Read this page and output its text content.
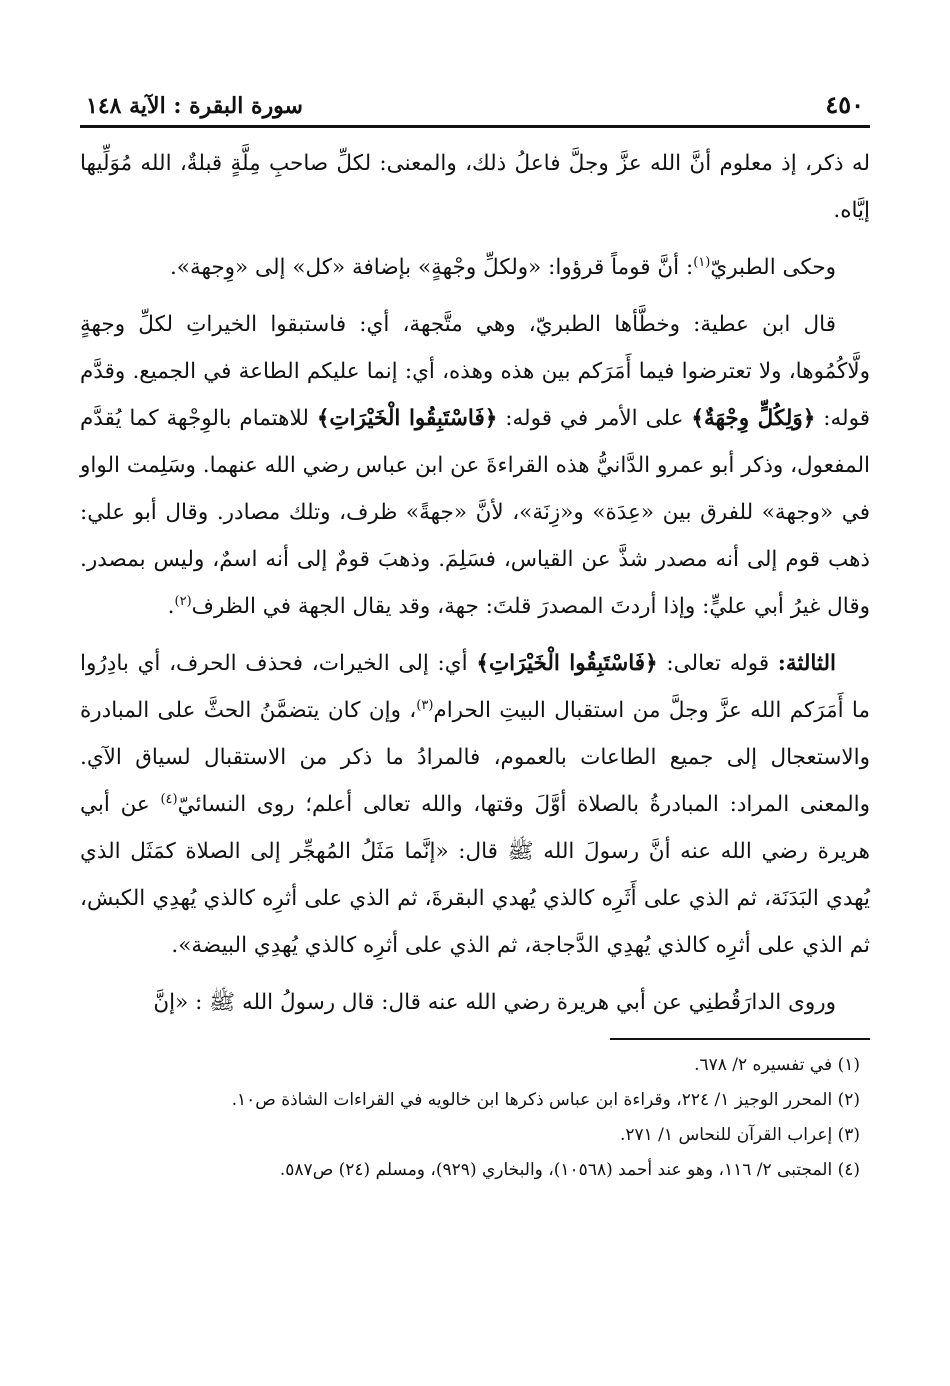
٤٥٠
سورة البقرة : الآية ١٤٨

له ذكر، إذ معلوم أنَّ الله عزَّ وجلَّ فاعلُ ذلك، والمعنى: لكلِّ صاحبِ مِلَّةٍ قبلةٌ، الله مُوَلِّيها إيَّاه.

وحكى الطبريّ$^{(١)}$: أنَّ قوماً قرؤوا: «ولكلِّ وجْهةٍ» بإضافة «كل» إلى «وِجهة».

قال ابن عطية: وخطَّأها الطبريّ، وهي متَّجهة، أي: فاستبقوا الخيراتِ لكلِّ وجهةٍ ولَّاكُمُوها، ولا تعترضوا فيما أَمَرَكم بين هذه وهذه، أي: إنما عليكم الطاعة في الجميع. وقدَّم قوله: ﴿وَلِكُلٍّ وِجْهَةٌ﴾ على الأمر في قوله: ﴿فَاسْتَبِقُوا الْخَيْرَاتِ﴾ للاهتمام بالوِجْهة كما يُقدَّم المفعول، وذكر أبو عمرو الدَّانيُّ هذه القراءةَ عن ابن عباس رضي الله عنهما. وسَلِمت الواو في «وجهة» للفرق بين «عِدَة» و«زِنَة»، لأنَّ «جهةً» ظرف، وتلك مصادر. وقال أبو علي: ذهب قوم إلى أنه مصدر شذَّ عن القياس، فسَلِمَ. وذهبَ قومٌ إلى أنه اسمٌ، وليس بمصدر. وقال غيرُ أبي عليٍّ: وإذا أردتَ المصدرَ قلتَ: جهة، وقد يقال الجهة في الظرف$^{(٢)}$.

الثالثة: قوله تعالى: ﴿فَاسْتَبِقُوا الْخَيْرَاتِ﴾ أي: إلى الخيرات، فحذف الحرف، أي بادِرُوا ما أَمَرَكم الله عزَّ وجلَّ من استقبال البيتِ الحرام$^{(٣)}$، وإن كان يتضمَّنُ الحثَّ على المبادرة والاستعجال إلى جميع الطاعات بالعموم، فالمرادُ ما ذكر من الاستقبال لسياق الآي. والمعنى المراد: المبادرةُ بالصلاة أوَّلَ وقتها، والله تعالى أعلم؛ روى النسائيّ$^{(٤)}$ عن أبي هريرة رضي الله عنه أنَّ رسولَ الله ﷺ قال: «إنَّما مَثَلُ المُهجِّر إلى الصلاة كمَثَل الذي يُهدي البَدَنَة، ثم الذي على أَثَرِه كالذي يُهدي البقرةَ، ثم الذي على أثرِه كالذي يُهدِي الكبش، ثم الذي على أثرِه كالذي يُهدِي الدَّجاجة، ثم الذي على أثرِه كالذي يُهدِي البيضة».

وروى الدارَقُطنِي عن أبي هريرة رضي الله عنه قال: قال رسولُ الله ﷺ : «إنَّ

(١) في تفسيره ٢/ ٦٧٨.

(٢) المحرر الوجيز ١/ ٢٢٤، وقراءة ابن عباس ذكرها ابن خالويه في القراءات الشاذة ص١٠.

(٣) إعراب القرآن للنحاس ١/ ٢٧١.

(٤) المجتبى ٢/ ١١٦، وهو عند أحمد (١٠٥٦٨)، والبخاري (٩٢٩)، ومسلم (٢٤) ص٥٨٧.
